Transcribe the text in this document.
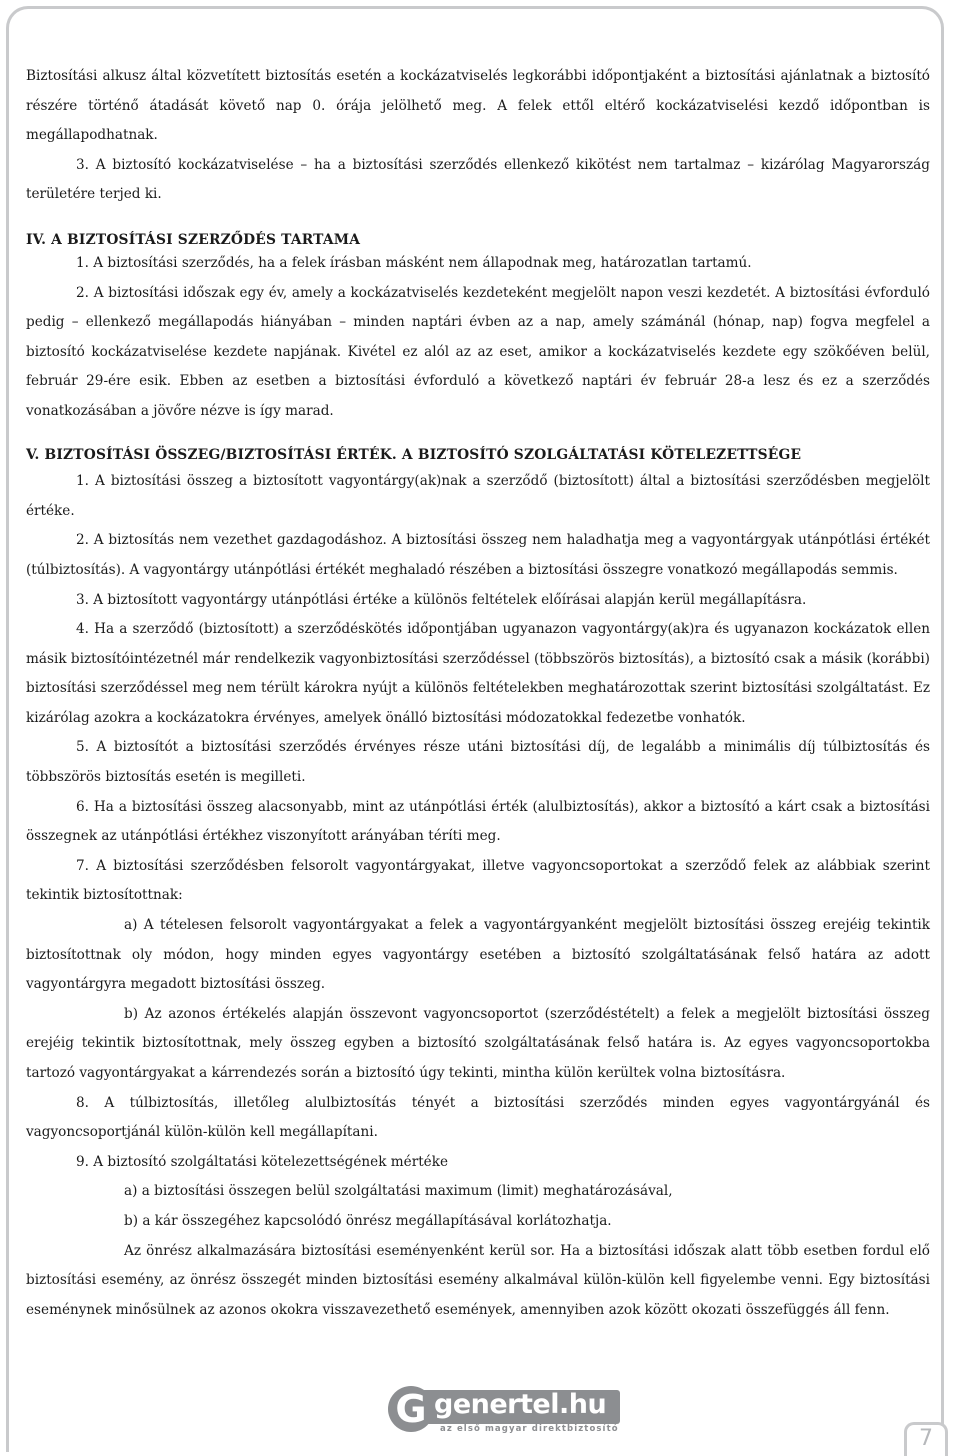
Biztosítási alkusz által közvetített biztosítás esetén a kockázatviselés legkorábbi időpontjaként a biztosítási ajánlatnak a biztosító részére történő átadását követő nap 0. órája jelölhető meg. A felek ettől eltérő kockázatviselési kezdő időpontban is megállapodhatnak.

3. A biztosító kockázatviselése – ha a biztosítási szerződés ellenkező kikötést nem tartalmaz – kizárólag Magyarország területére terjed ki.

IV. A BIZTOSÍTÁSI SZERZŐDÉS TARTAMA

1. A biztosítási szerződés, ha a felek írásban másként nem állapodnak meg, határozatlan tartamú.

2. A biztosítási időszak egy év, amely a kockázatviselés kezdeteként megjelölt napon veszi kezdetét. A biztosítási évforduló pedig – ellenkező megállapodás hiányában – minden naptári évben az a nap, amely számánál (hónap, nap) fogva megfelel a biztosító kockázatviselése kezdete napjának. Kivétel ez alól az az eset, amikor a kockázatviselés kezdete egy szökőéven belül, február 29-ére esik. Ebben az esetben a biztosítási évforduló a következő naptári év február 28-a lesz és ez a szerződés vonatkozásában a jövőre nézve is így marad.

V. BIZTOSÍTÁSI ÖSSZEG/BIZTOSÍTÁSI ÉRTÉK. A BIZTOSÍTÓ SZOLGÁLTATÁSI KÖTELEZETTSÉGE

1. A biztosítási összeg a biztosított vagyontárgy(ak)nak a szerződő (biztosított) által a biztosítási szerződésben megjelölt értéke.

2. A biztosítás nem vezethet gazdagodáshoz. A biztosítási összeg nem haladhatja meg a vagyontárgyak utánpótlási értékét (túlbiztosítás). A vagyontárgy utánpótlási értékét meghaladó részében a biztosítási összegre vonatkozó megállapodás semmis.

3. A biztosított vagyontárgy utánpótlási értéke a különös feltételek előírásai alapján kerül megállapításra.

4. Ha a szerződő (biztosított) a szerződéskötés időpontjában ugyanazon vagyontárgy(ak)ra és ugyanazon kockázatok ellen másik biztosítóintézetnél már rendelkezik vagyonbiztosítási szerződéssel (többszörös biztosítás), a biztosító csak a másik (korábbi) biztosítási szerződéssel meg nem térült károkra nyújt a különös feltételekben meghatározottak szerint biztosítási szolgáltatást. Ez kizárólag azokra a kockázatokra érvényes, amelyek önálló biztosítási módozatokkal fedezetbe vonhatók.

5. A biztosítót a biztosítási szerződés érvényes része utáni biztosítási díj, de legalább a minimális díj túlbiztosítás és többszörös biztosítás esetén is megilleti.

6. Ha a biztosítási összeg alacsonyabb, mint az utánpótlási érték (alulbiztosítás), akkor a biztosító a kárt csak a biztosítási összegnek az utánpótlási értékhez viszonyított arányában téríti meg.

7. A biztosítási szerződésben felsorolt vagyontárgyakat, illetve vagyoncsoportokat a szerződő felek az alábbiak szerint tekintik biztosítottnak:

a) A tételesen felsorolt vagyontárgyakat a felek a vagyontárgyanként megjelölt biztosítási összeg erejéig tekintik biztosítottnak oly módon, hogy minden egyes vagyontárgy esetében a biztosító szolgáltatásának felső határa az adott vagyontárgyra megadott biztosítási összeg.

b) Az azonos értékelés alapján összevont vagyoncsoportot (szerződéstételt) a felek a megjelölt biztosítási összeg erejéig tekintik biztosítottnak, mely összeg egyben a biztosító szolgáltatásának felső határa is. Az egyes vagyoncsoportokba tartozó vagyontárgyakat a kárrendezés során a biztosító úgy tekinti, mintha külön kerültek volna biztosításra.

8. A túlbiztosítás, illetőleg alulbiztosítás tényét a biztosítási szerződés minden egyes vagyontárgyánál és vagyoncsoportjánál külön-külön kell megállapítani.

9. A biztosító szolgáltatási kötelezettségének mértéke

a) a biztosítási összegen belül szolgáltatási maximum (limit) meghatározásával,

b) a kár összegéhez kapcsolódó önrész megállapításával korlátozhatja.

Az önrész alkalmazására biztosítási eseményenként kerül sor. Ha a biztosítási időszak alatt több esetben fordul elő biztosítási esemény, az önrész összegét minden biztosítási esemény alkalmával külön-külön kell figyelembe venni. Egy biztosítási eseménynek minősülnek az azonos okokra visszavezethető események, amennyiben azok között okozati összefüggés áll fenn.

G genertel.hu
az első magyar direktbiztosító	7
